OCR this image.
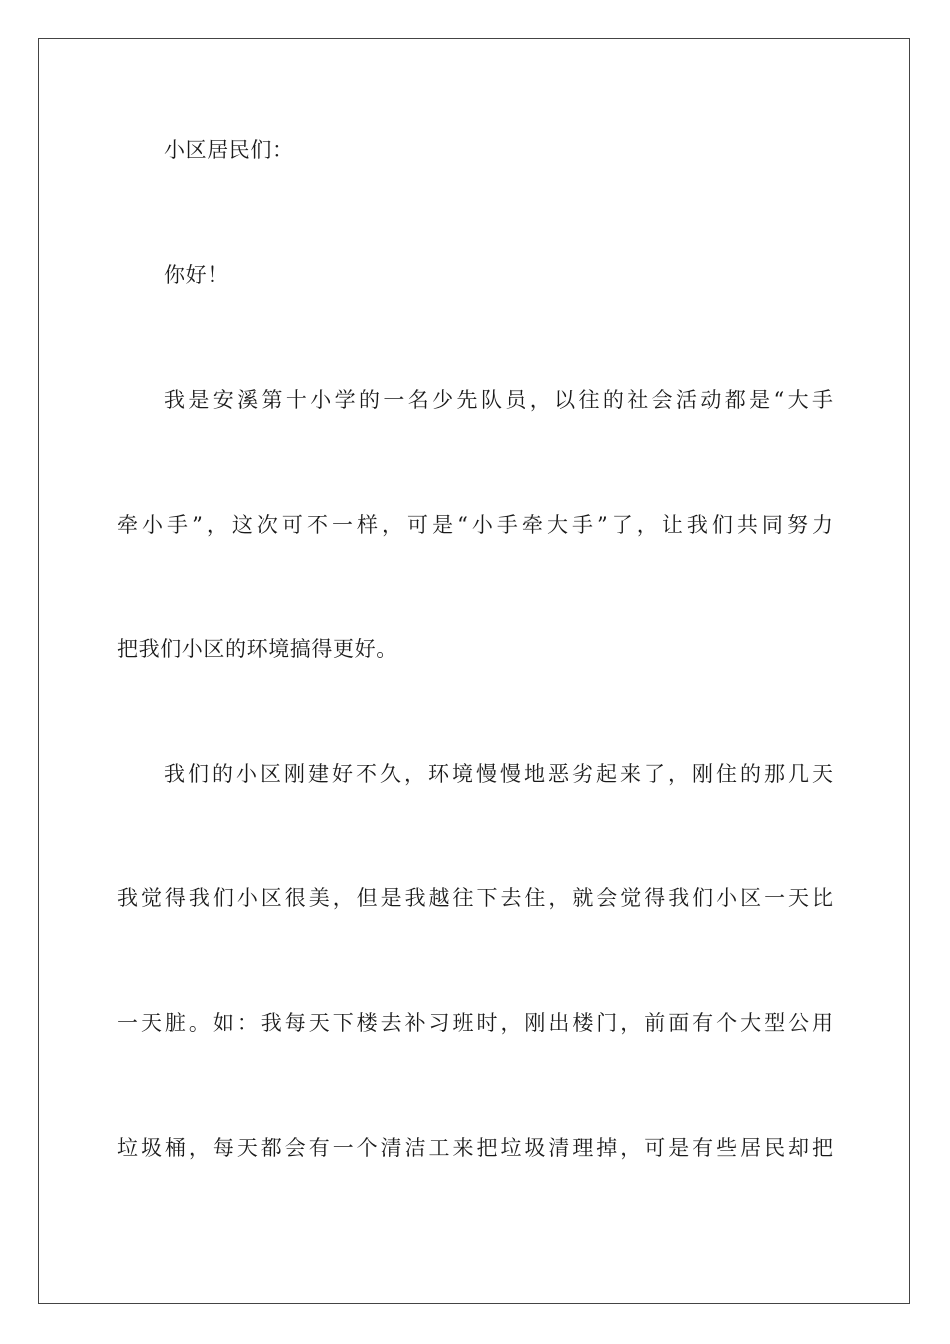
小区居民们：
你好！
我是安溪第十小学的一名少先队员，以往的社会活动都是“大手
牵小手”，这次可不一样，可是“小手牵大手”了，让我们共同努力
把我们小区的环境搞得更好。
我们的小区刚建好不久，环境慢慢地恶劣起来了，刚住的那几天
我觉得我们小区很美，但是我越往下去住，就会觉得我们小区一天比
一天脏。如：我每天下楼去补习班时，刚出楼门，前面有个大型公用
垃圾桶，每天都会有一个清洁工来把垃圾清理掉，可是有些居民却把
